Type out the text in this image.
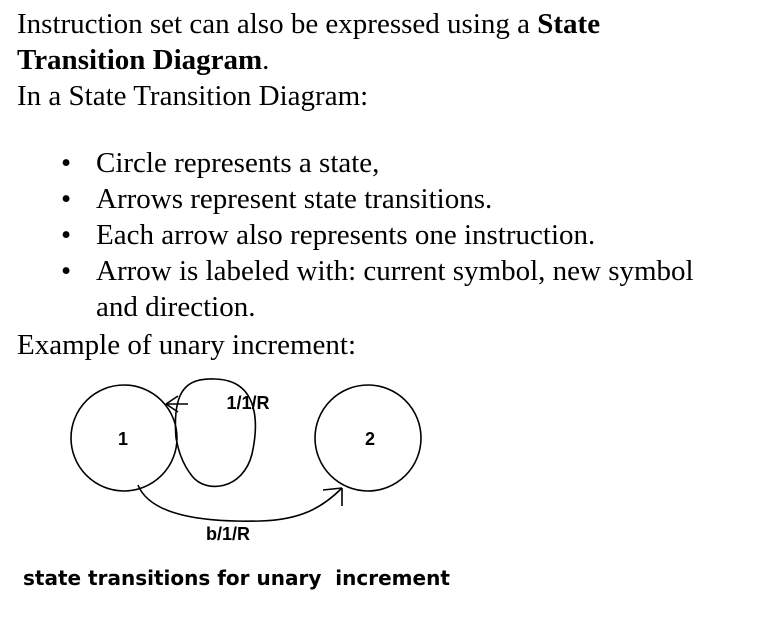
Instruction set can also be expressed using a State
Transition Diagram.
In a State Transition Diagram:
• Circle represents a state,
• Arrows represent state transitions.
• Each arrow also represents one instruction.
• Arrow is labeled with: current symbol, new symbol
and direction.
Example of unary increment:
1
1/1/R
2
b/1/R
state transitions for unary  increment
